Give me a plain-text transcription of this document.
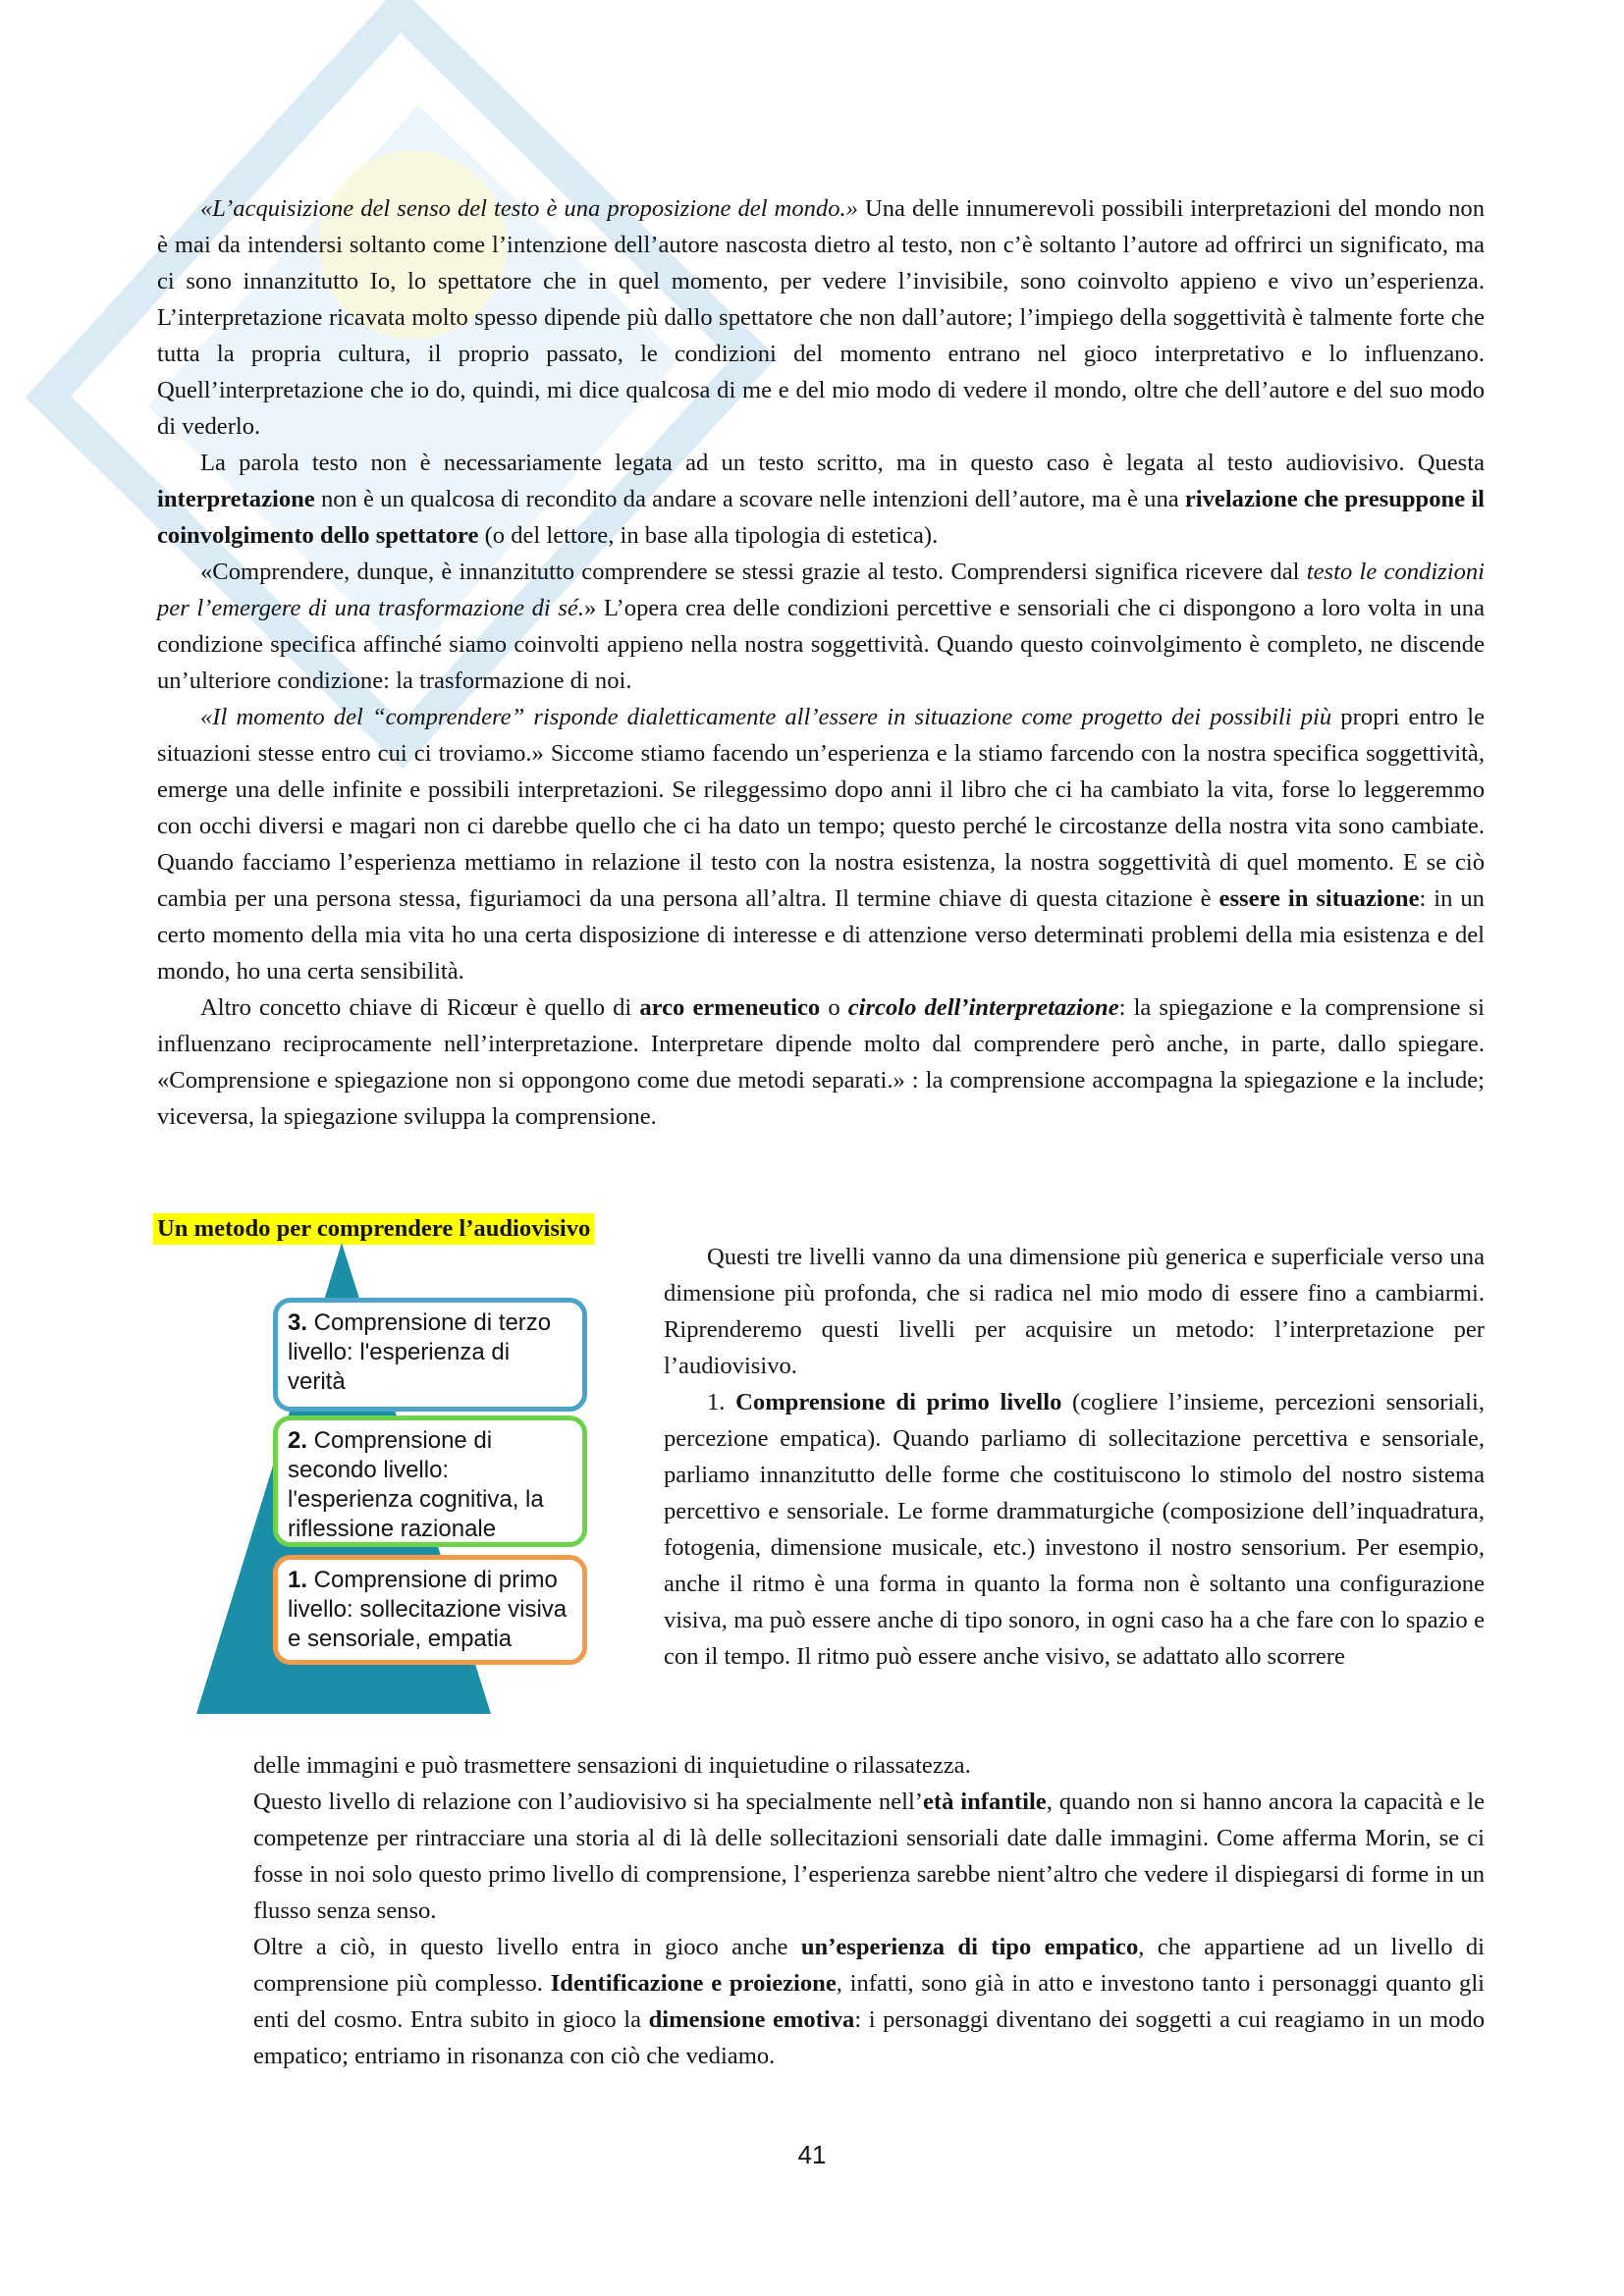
«L’acquisizione del senso del testo è una proposizione del mondo.» Una delle innumerevoli possibili interpretazioni del mondo non è mai da intendersi soltanto come l’intenzione dell’autore nascosta dietro al testo, non c’è soltanto l’autore ad offrirci un significato, ma ci sono innanzitutto Io, lo spettatore che in quel momento, per vedere l’invisibile, sono coinvolto appieno e vivo un’esperienza. L’interpretazione ricavata molto spesso dipende più dallo spettatore che non dall’autore; l’impiego della soggettività è talmente forte che tutta la propria cultura, il proprio passato, le condizioni del momento entrano nel gioco interpretativo e lo influenzano. Quell’interpretazione che io do, quindi, mi dice qualcosa di me e del mio modo di vedere il mondo, oltre che dell’autore e del suo modo di vederlo.

La parola testo non è necessariamente legata ad un testo scritto, ma in questo caso è legata al testo audiovisivo. Questa interpretazione non è un qualcosa di recondito da andare a scovare nelle intenzioni dell’autore, ma è una rivelazione che presuppone il coinvolgimento dello spettatore (o del lettore, in base alla tipologia di estetica).

«Comprendere, dunque, è innanzitutto comprendere se stessi grazie al testo. Comprendersi significa ricevere dal testo le condizioni per l’emergere di una trasformazione di sé.» L’opera crea delle condizioni percettive e sensoriali che ci dispongono a loro volta in una condizione specifica affinché siamo coinvolti appieno nella nostra soggettività. Quando questo coinvolgimento è completo, ne discende un’ulteriore condizione: la trasformazione di noi.

«Il momento del “comprendere” risponde dialetticamente all’essere in situazione come progetto dei possibili più propri entro le situazioni stesse entro cui ci troviamo.» Siccome stiamo facendo un’esperienza e la stiamo farcendo con la nostra specifica soggettività, emerge una delle infinite e possibili interpretazioni. Se rileggessimo dopo anni il libro che ci ha cambiato la vita, forse lo leggeremmo con occhi diversi e magari non ci darebbe quello che ci ha dato un tempo; questo perché le circostanze della nostra vita sono cambiate. Quando facciamo l’esperienza mettiamo in relazione il testo con la nostra esistenza, la nostra soggettività di quel momento. E se ciò cambia per una persona stessa, figuriamoci da una persona all’altra. Il termine chiave di questa citazione è essere in situazione: in un certo momento della mia vita ho una certa disposizione di interesse e di attenzione verso determinati problemi della mia esistenza e del mondo, ho una certa sensibilità.

Altro concetto chiave di Ricœur è quello di arco ermeneutico o circolo dell’interpretazione: la spiegazione e la comprensione si influenzano reciprocamente nell’interpretazione. Interpretare dipende molto dal comprendere però anche, in parte, dallo spiegare. «Comprensione e spiegazione non si oppongono come due metodi separati.» : la comprensione accompagna la spiegazione e la include; viceversa, la spiegazione sviluppa la comprensione.

Un metodo per comprendere l’audiovisivo
3. Comprensione di terzo livello: l'esperienza di verità
2. Comprensione di secondo livello: l'esperienza cognitiva, la riflessione razionale
1. Comprensione di primo livello: sollecitazione visiva e sensoriale, empatia

Questi tre livelli vanno da una dimensione più generica e superficiale verso una dimensione più profonda, che si radica nel mio modo di essere fino a cambiarmi. Riprenderemo questi livelli per acquisire un metodo: l’interpretazione per l’audiovisivo.

1. Comprensione di primo livello (cogliere l’insieme, percezioni sensoriali, percezione empatica). Quando parliamo di sollecitazione percettiva e sensoriale, parliamo innanzitutto delle forme che costituiscono lo stimolo del nostro sistema percettivo e sensoriale. Le forme drammaturgiche (composizione dell’inquadratura, fotogenia, dimensione musicale, etc.) investono il nostro sensorium. Per esempio, anche il ritmo è una forma in quanto la forma non è soltanto una configurazione visiva, ma può essere anche di tipo sonoro, in ogni caso ha a che fare con lo spazio e con il tempo. Il ritmo può essere anche visivo, se adattato allo scorrere

delle immagini e può trasmettere sensazioni di inquietudine o rilassatezza.

Questo livello di relazione con l’audiovisivo si ha specialmente nell’età infantile, quando non si hanno ancora la capacità e le competenze per rintracciare una storia al di là delle sollecitazioni sensoriali date dalle immagini. Come afferma Morin, se ci fosse in noi solo questo primo livello di comprensione, l’esperienza sarebbe nient’altro che vedere il dispiegarsi di forme in un flusso senza senso.

Oltre a ciò, in questo livello entra in gioco anche un’esperienza di tipo empatico, che appartiene ad un livello di comprensione più complesso. Identificazione e proiezione, infatti, sono già in atto e investono tanto i personaggi quanto gli enti del cosmo. Entra subito in gioco la dimensione emotiva: i personaggi diventano dei soggetti a cui reagiamo in un modo empatico; entriamo in risonanza con ciò che vediamo.

41
